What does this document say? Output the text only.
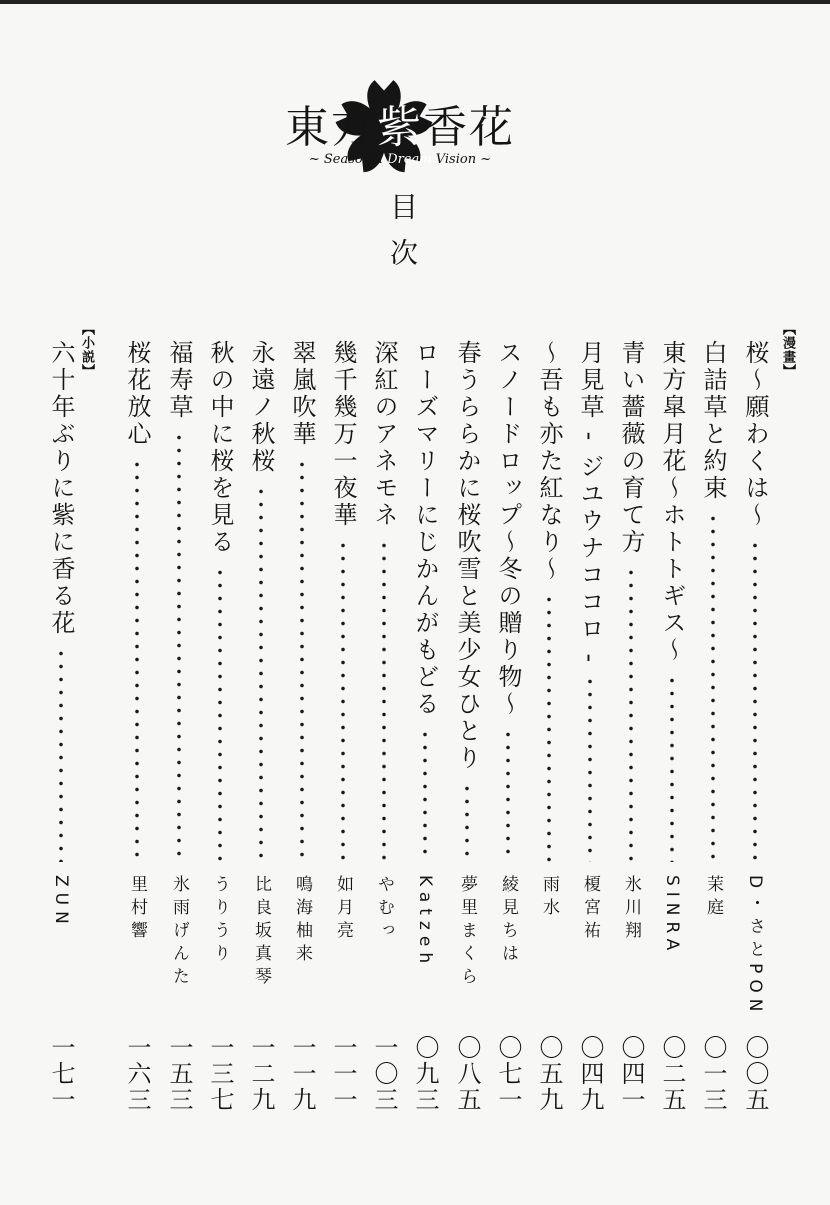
東方紫香花
~ Seasonal Dream Vision ~
目次
【漫畫】
【小説】	桜～願わくは～
D・さとPON
〇〇五
白詰草と約束
茉庭
〇一三
東方皐月花～ホトトギス～
SINRA
〇二五
青い薔薇の育て方
氷川翔
〇四一
月見草 - ジユウナココロ -
榎宮祐
〇四九
～吾も亦た紅なり～
雨水
〇五九
スノードロップ～冬の贈り物～
綾見ちは
〇七一
春うららかに桜吹雪と美少女ひとり
夢里まくら
〇八五
ローズマリーにじかんがもどる
Katzeh
〇九三
深紅のアネモネ
やむっ
一〇三
幾千幾万一夜華
如月亮
一一一
翠嵐吹華
鳴海柚来
一一九
永遠ノ秋桜
比良坂真琴
一二九
秋の中に桜を見る
うりうり
一三七
福寿草
氷雨げんた
一五三
桜花放心
里村響
一六三
六十年ぶりに紫に香る花
ZUN
一七一
